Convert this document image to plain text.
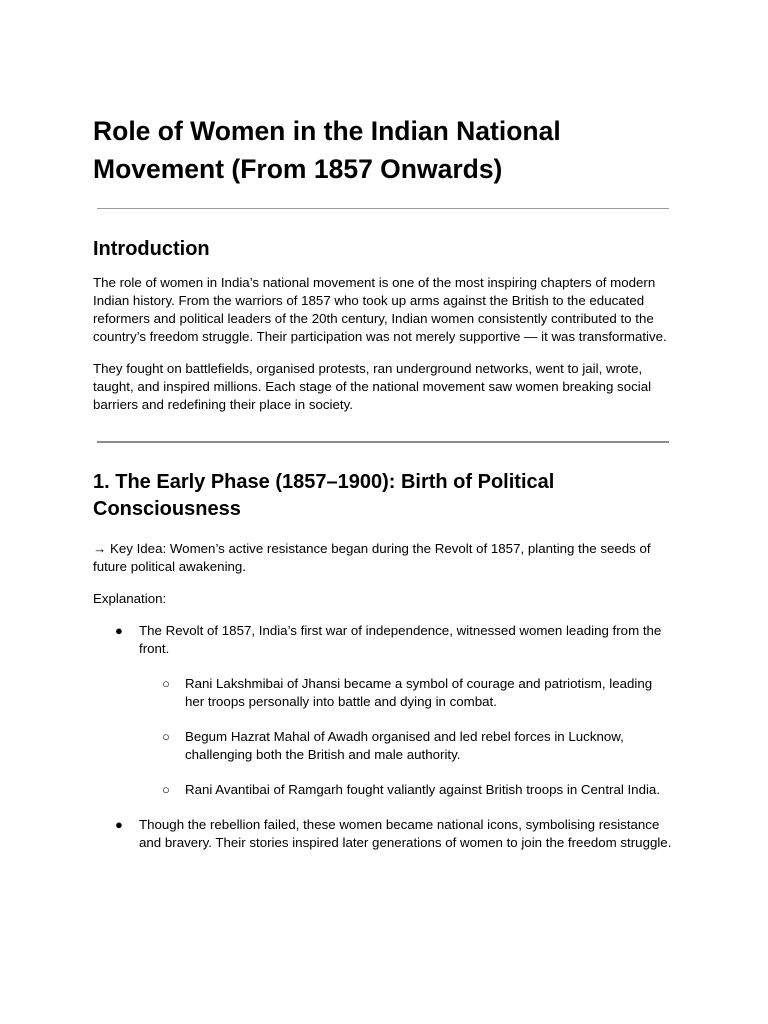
Role of Women in the Indian National Movement (From 1857 Onwards)
Introduction

The role of women in India’s national movement is one of the most inspiring chapters of modern Indian history. From the warriors of 1857 who took up arms against the British to the educated reformers and political leaders of the 20th century, Indian women consistently contributed to the country’s freedom struggle. Their participation was not merely supportive — it was transformative.

They fought on battlefields, organised protests, ran underground networks, went to jail, wrote, taught, and inspired millions. Each stage of the national movement saw women breaking social barriers and redefining their place in society.

1. The Early Phase (1857–1900): Birth of Political Consciousness

→ Key Idea: Women’s active resistance began during the Revolt of 1857, planting the seeds of future political awakening.

Explanation:

● The Revolt of 1857, India’s first war of independence, witnessed women leading from the front.
○ Rani Lakshmibai of Jhansi became a symbol of courage and patriotism, leading her troops personally into battle and dying in combat.
○ Begum Hazrat Mahal of Awadh organised and led rebel forces in Lucknow, challenging both the British and male authority.
○ Rani Avantibai of Ramgarh fought valiantly against British troops in Central India.
● Though the rebellion failed, these women became national icons, symbolising resistance and bravery. Their stories inspired later generations of women to join the freedom struggle.
